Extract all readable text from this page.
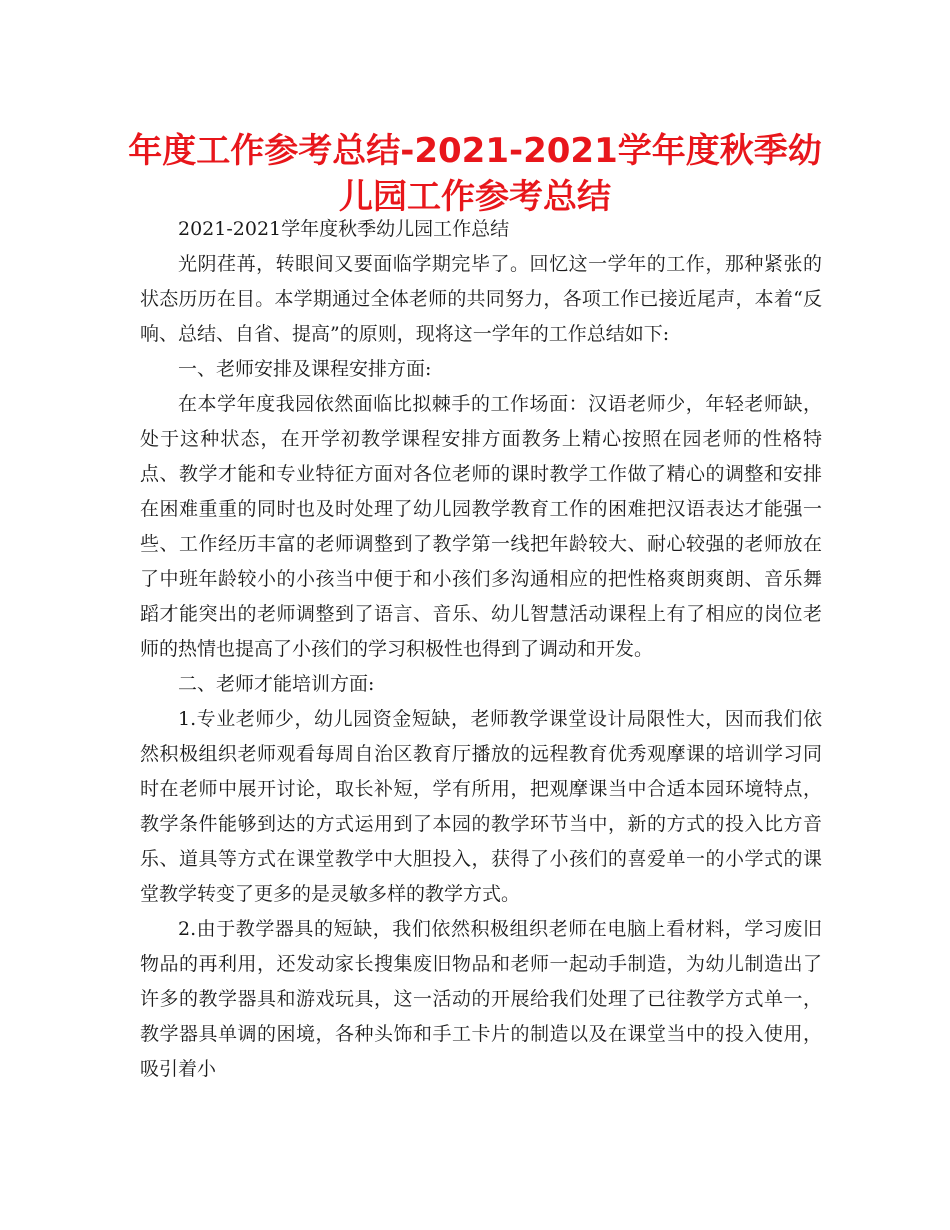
年度工作参考总结-2021-2021学年度秋季幼儿园工作参考总结

2021-2021学年度秋季幼儿园工作总结

光阴荏苒，转眼间又要面临学期完毕了。回忆这一学年的工作，那种紧张的状态历历在目。本学期通过全体老师的共同努力，各项工作已接近尾声，本着“反响、总结、自省、提高”的原则，现将这一学年的工作总结如下:

一、老师安排及课程安排方面:

在本学年度我园依然面临比拟棘手的工作场面：汉语老师少，年轻老师缺，处于这种状态，在开学初教学课程安排方面教务上精心按照在园老师的性格特点、教学才能和专业特征方面对各位老师的课时教学工作做了精心的调整和安排在困难重重的同时也及时处理了幼儿园教学教育工作的困难把汉语表达才能强一些、工作经历丰富的老师调整到了教学第一线把年龄较大、耐心较强的老师放在了中班年龄较小的小孩当中便于和小孩们多沟通相应的把性格爽朗爽朗、音乐舞蹈才能突出的老师调整到了语言、音乐、幼儿智慧活动课程上有了相应的岗位老师的热情也提高了小孩们的学习积极性也得到了调动和开发。

二、老师才能培训方面:

1.专业老师少，幼儿园资金短缺，老师教学课堂设计局限性大，因而我们依然积极组织老师观看每周自治区教育厅播放的远程教育优秀观摩课的培训学习同时在老师中展开讨论，取长补短，学有所用，把观摩课当中合适本园环境特点，教学条件能够到达的方式运用到了本园的教学环节当中，新的方式的投入比方音乐、道具等方式在课堂教学中大胆投入，获得了小孩们的喜爱单一的小学式的课堂教学转变了更多的是灵敏多样的教学方式。

2.由于教学器具的短缺，我们依然积极组织老师在电脑上看材料，学习废旧物品的再利用，还发动家长搜集废旧物品和老师一起动手制造，为幼儿制造出了许多的教学器具和游戏玩具，这一活动的开展给我们处理了已往教学方式单一，教学器具单调的困境，各种头饰和手工卡片的制造以及在课堂当中的投入使用，吸引着小
